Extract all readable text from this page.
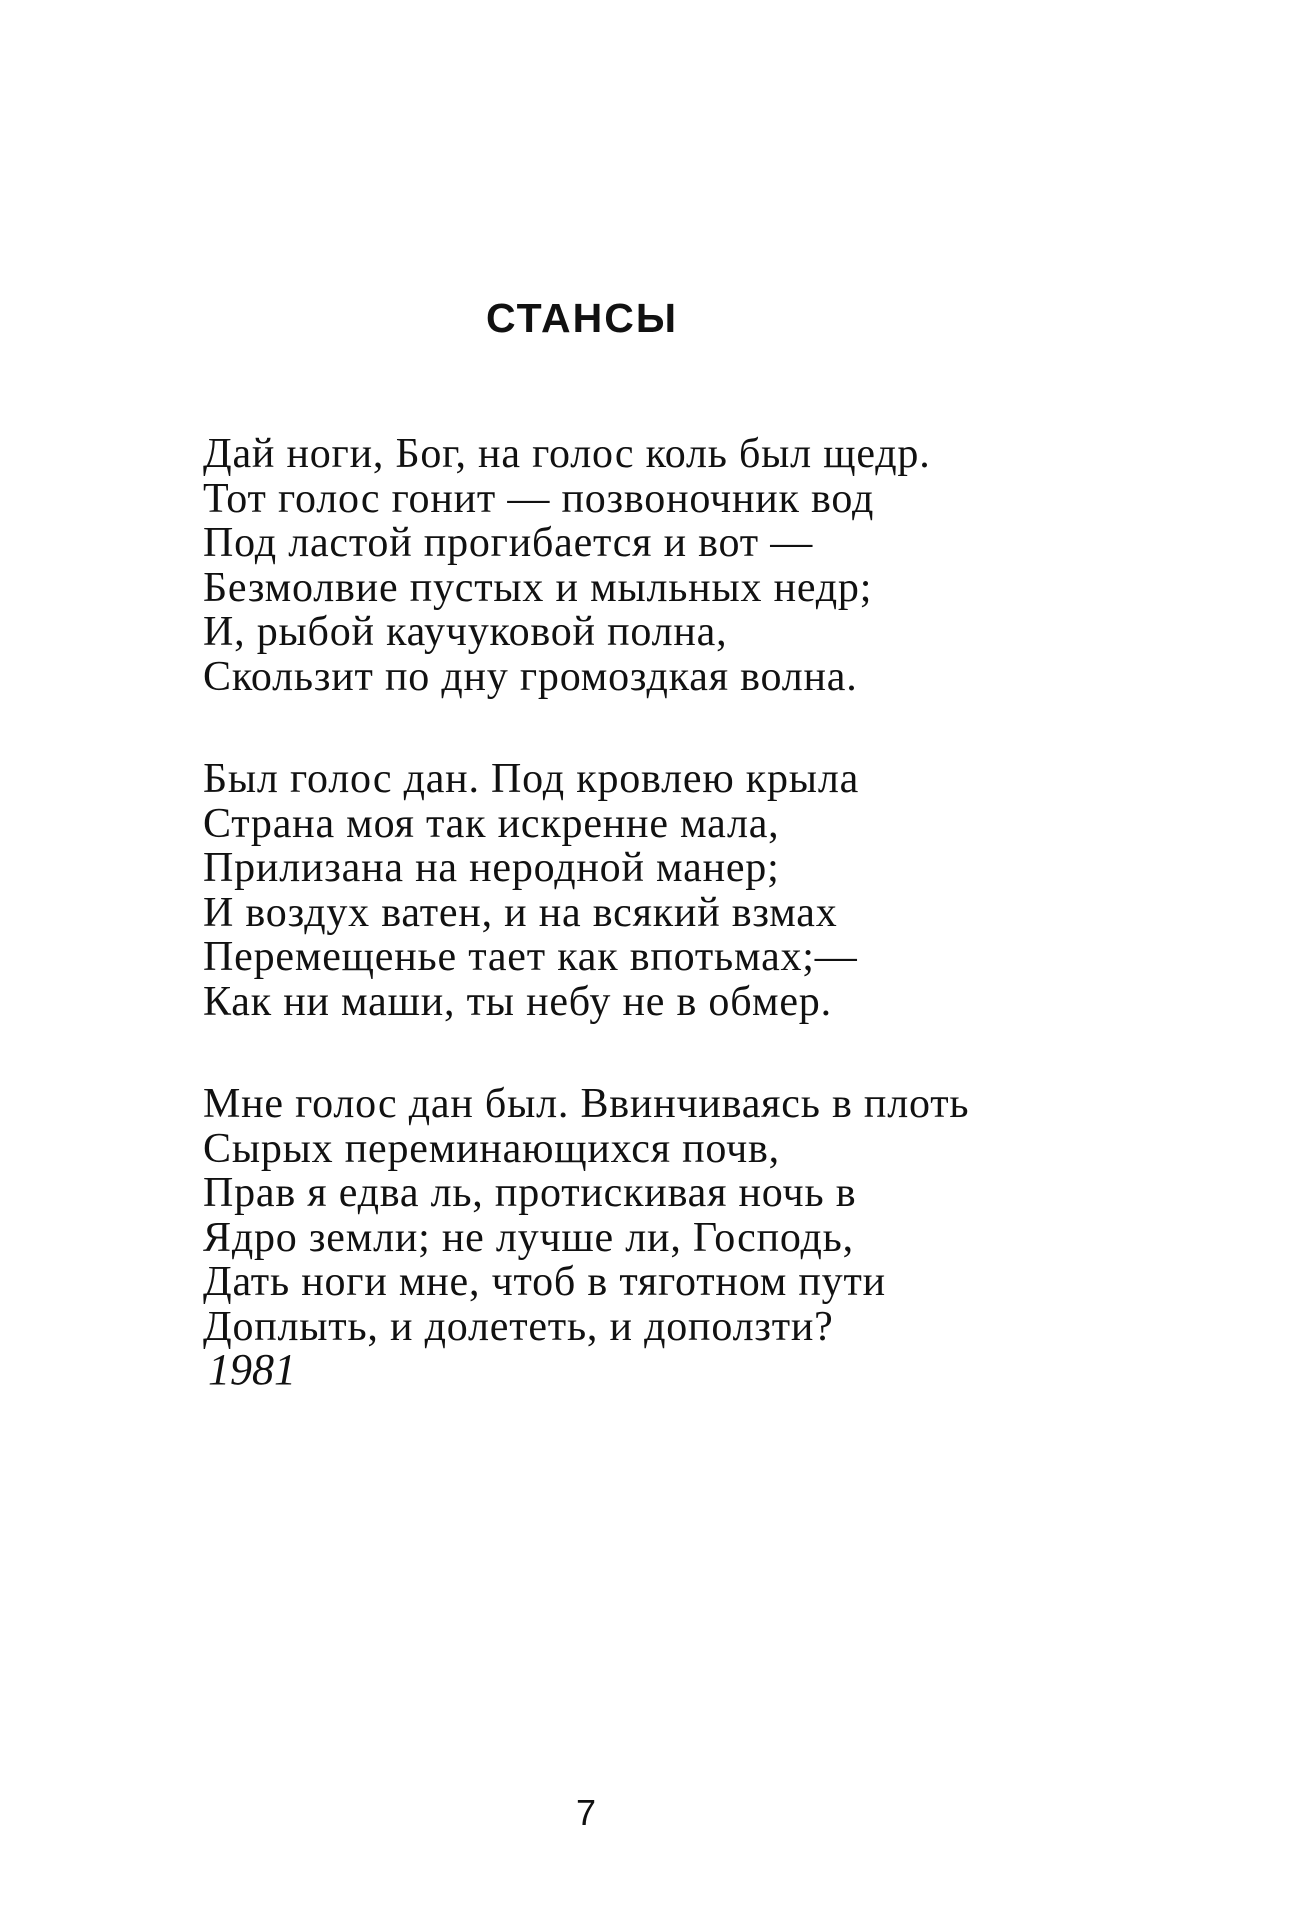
СТАНСЫ
Дай ноги, Бог, на голос коль был щедр.
Тот голос гонит — позвоночник вод
Под ластой прогибается и вот —
Безмолвие пустых и мыльных недр;
И, рыбой каучуковой полна,
Скользит по дну громоздкая волна.
Был голос дан. Под кровлею крыла
Страна моя так искренне мала,
Прилизана на неродной манер;
И воздух ватен, и на всякий взмах
Перемещенье тает как впотьмах;—
Как ни маши, ты небу не в обмер.
Мне голос дан был. Ввинчиваясь в плоть
Сырых переминающихся почв,
Прав я едва ль, протискивая ночь в
Ядро земли; не лучше ли, Господь,
Дать ноги мне, чтоб в тяготном пути
Доплыть, и долететь, и доползти?
1981
7
